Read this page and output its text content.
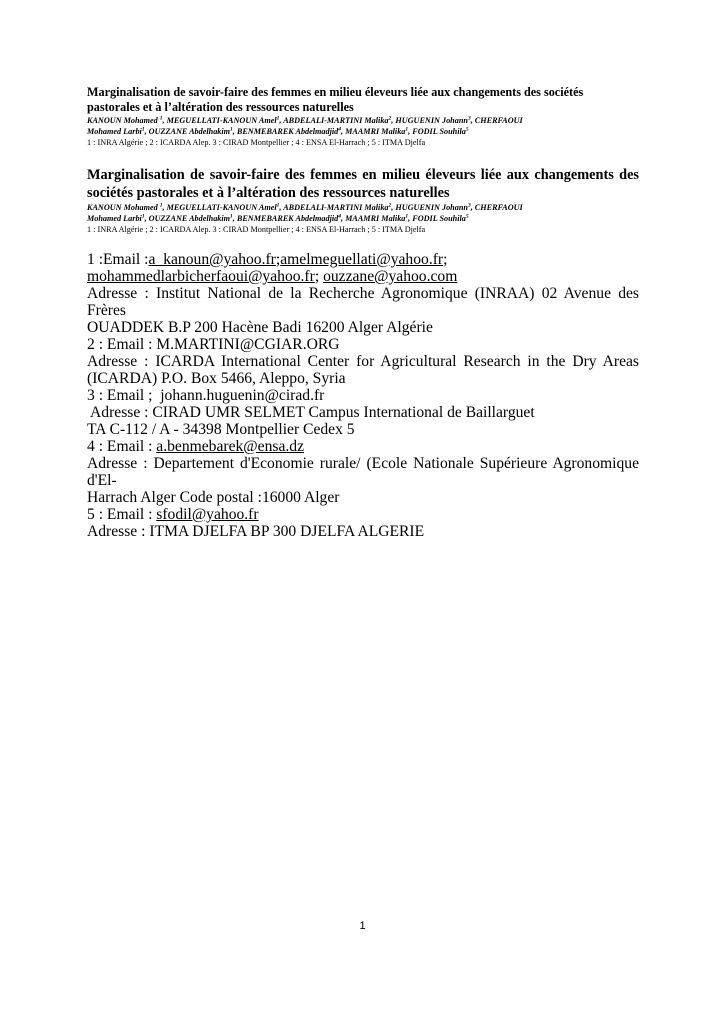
Marginalisation de savoir-faire des femmes en milieu éleveurs liée aux changements des sociétés pastorales et à l’altération des ressources naturelles

KANOUN Mohamed $^1$, MEGUELLATI-KANOUN Amel$^1$, ABDELALI-MARTINI Malika$^2$, HUGUENIN Johann$^3$, CHERFAOUI

Mohamed Larbi$^1$, OUZZANE Abdelhakim$^1$, BENMEBAREK Abdelmadjid$^4$, MAAMRI Malika$^1$, FODIL Souhila$^5$

1 : INRA Algérie ; 2 : ICARDA Alep. 3 : CIRAD Montpellier ; 4 : ENSA El-Harrach ; 5 : ITMA Djelfa

Marginalisation de savoir-faire des femmes en milieu éleveurs liée aux changements des sociétés pastorales et à l’altération des ressources naturelles

KANOUN Mohamed $^1$, MEGUELLATI-KANOUN Amel$^1$, ABDELALI-MARTINI Malika$^2$, HUGUENIN Johann$^3$, CHERFAOUI

Mohamed Larbi$^1$, OUZZANE Abdelhakim$^1$, BENMEBAREK Abdelmadjid$^4$, MAAMRI Malika$^1$, FODIL Souhila$^5$

1 : INRA Algérie ; 2 : ICARDA Alep. 3 : CIRAD Montpellier ; 4 : ENSA El-Harrach ; 5 : ITMA Djelfa

1 :Email :a_kanoun@yahoo.fr;amelmeguellati@yahoo.fr;

mohammedlarbicherfaoui@yahoo.fr; ouzzane@yahoo.com

Adresse : Institut National de la Recherche Agronomique (INRAA) 02 Avenue des Frères

OUADDEK B.P 200 Hacène Badi 16200 Alger Algérie

2 : Email : M.MARTINI@CGIAR.ORG

Adresse : ICARDA International Center for Agricultural Research in the Dry Areas

(ICARDA) P.O. Box 5466, Aleppo, Syria

3 : Email ;  johann.huguenin@cirad.fr

Adresse : CIRAD UMR SELMET Campus International de Baillarguet

TA C-112 / A - 34398 Montpellier Cedex 5

4 : Email : a.benmebarek@ensa.dz

Adresse : Departement d'Economie rurale/ (Ecole Nationale Supérieure Agronomique d'El-

Harrach Alger Code postal :16000 Alger

5 : Email : sfodil@yahoo.fr

Adresse : ITMA DJELFA BP 300 DJELFA ALGERIE

1
